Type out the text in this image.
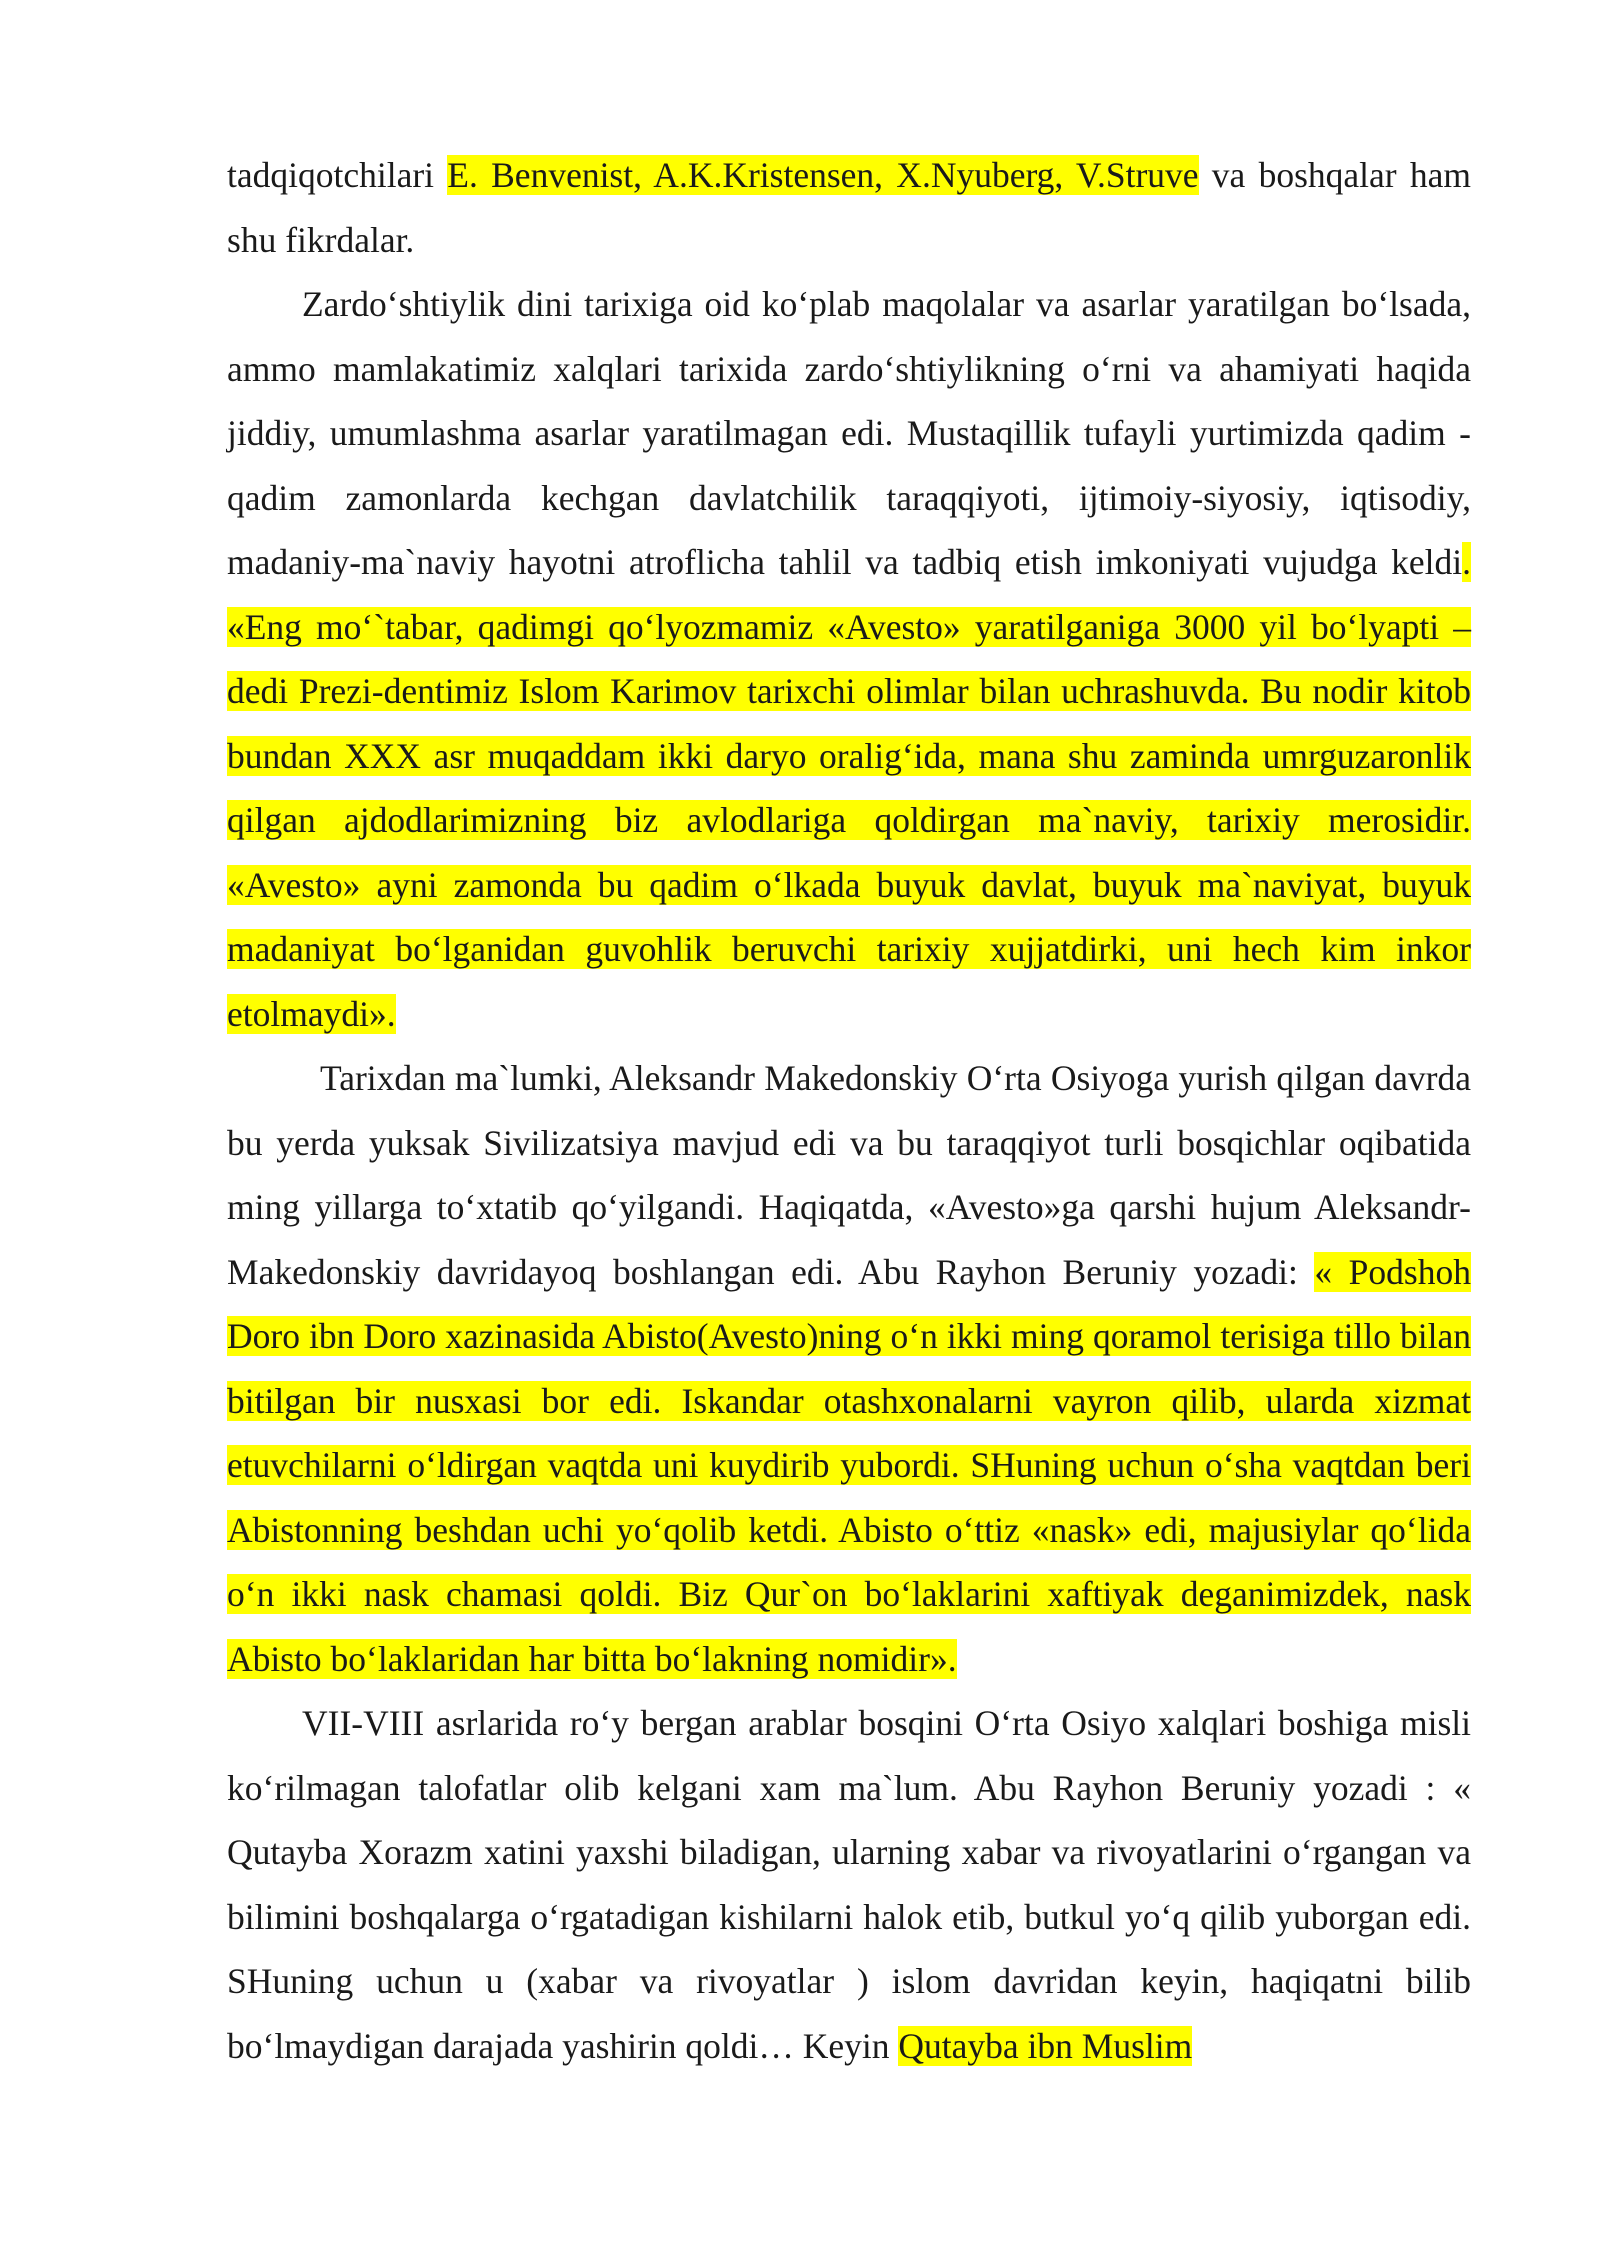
tadqiqotchilari E. Benvenist, A.K.Kristensen, X.Nyuberg, V.Struve va boshqalar ham shu fikrdalar.

Zardo‘shtiylik dini tarixiga oid ko‘plab maqolalar va asarlar yaratilgan bo‘lsada, ammo mamlakatimiz xalqlari tarixida zardo‘shtiylikning o‘rni va ahamiyati haqida jiddiy, umumlashma asarlar yaratilmagan edi. Mustaqillik tufayli yurtimizda qadim -qadim zamonlarda kechgan davlatchilik taraqqiyoti, ijtimoiy-siyosiy, iqtisodiy, madaniy-ma`naviy hayotni atroflicha tahlil va tadbiq etish imkoniyati vujudga keldi. «Eng mo‘`tabar, qadimgi qo‘lyozmamiz «Avesto» yaratilganiga 3000 yil bo‘lyapti – dedi Prezi-dentimiz Islom Karimov tarixchi olimlar bilan uchrashuvda. Bu nodir kitob bundan XXX asr muqaddam ikki daryo oralig‘ida, mana shu zaminda umrguzaronlik qilgan ajdodlarimizning biz avlodlariga qoldirgan ma`naviy, tarixiy merosidir. «Avesto» ayni zamonda bu qadim o‘lkada buyuk davlat, buyuk ma`naviyat, buyuk madaniyat bo‘lganidan guvohlik beruvchi tarixiy xujjatdirki, uni hech kim inkor etolmaydi».

Tarixdan ma`lumki, Aleksandr Makedonskiy O‘rta Osiyoga yurish qilgan davrda bu yerda yuksak Sivilizatsiya mavjud edi va bu taraqqiyot turli bosqichlar oqibatida ming yillarga to‘xtatib qo‘yilgandi. Haqiqatda, «Avesto»ga qarshi hujum Aleksandr-Makedonskiy davridayoq boshlangan edi. Abu Rayhon Beruniy yozadi: « Podshoh Doro ibn Doro xazinasida Abisto(Avesto)ning o‘n ikki ming qoramol terisiga tillo bilan bitilgan bir nusxasi bor edi. Iskandar otashxonalarni vayron qilib, ularda xizmat etuvchilarni o‘ldirgan vaqtda uni kuydirib yubordi. SHuning uchun o‘sha vaqtdan beri Abistonning beshdan uchi yo‘qolib ketdi. Abisto o‘ttiz «nask» edi, majusiylar qo‘lida o‘n ikki nask chamasi qoldi. Biz Qur`on bo‘laklarini xaftiyak deganimizdek, nask Abisto bo‘laklaridan har bitta bo‘lakning nomidir».

VII-VIII asrlarida ro‘y bergan arablar bosqini O‘rta Osiyo xalqlari boshiga misli ko‘rilmagan talofatlar olib kelgani xam ma`lum. Abu Rayhon Beruniy yozadi : « Qutayba Xorazm xatini yaxshi biladigan, ularning xabar va rivoyatlarini o‘rgangan va bilimini boshqalarga o‘rgatadigan kishilarni halok etib, butkul yo‘q qilib yuborgan edi. SHuning uchun u (xabar va rivoyatlar ) islom davridan keyin, haqiqatni bilib bo‘lmaydigan darajada yashirin qoldi… Keyin Qutayba ibn Muslim
